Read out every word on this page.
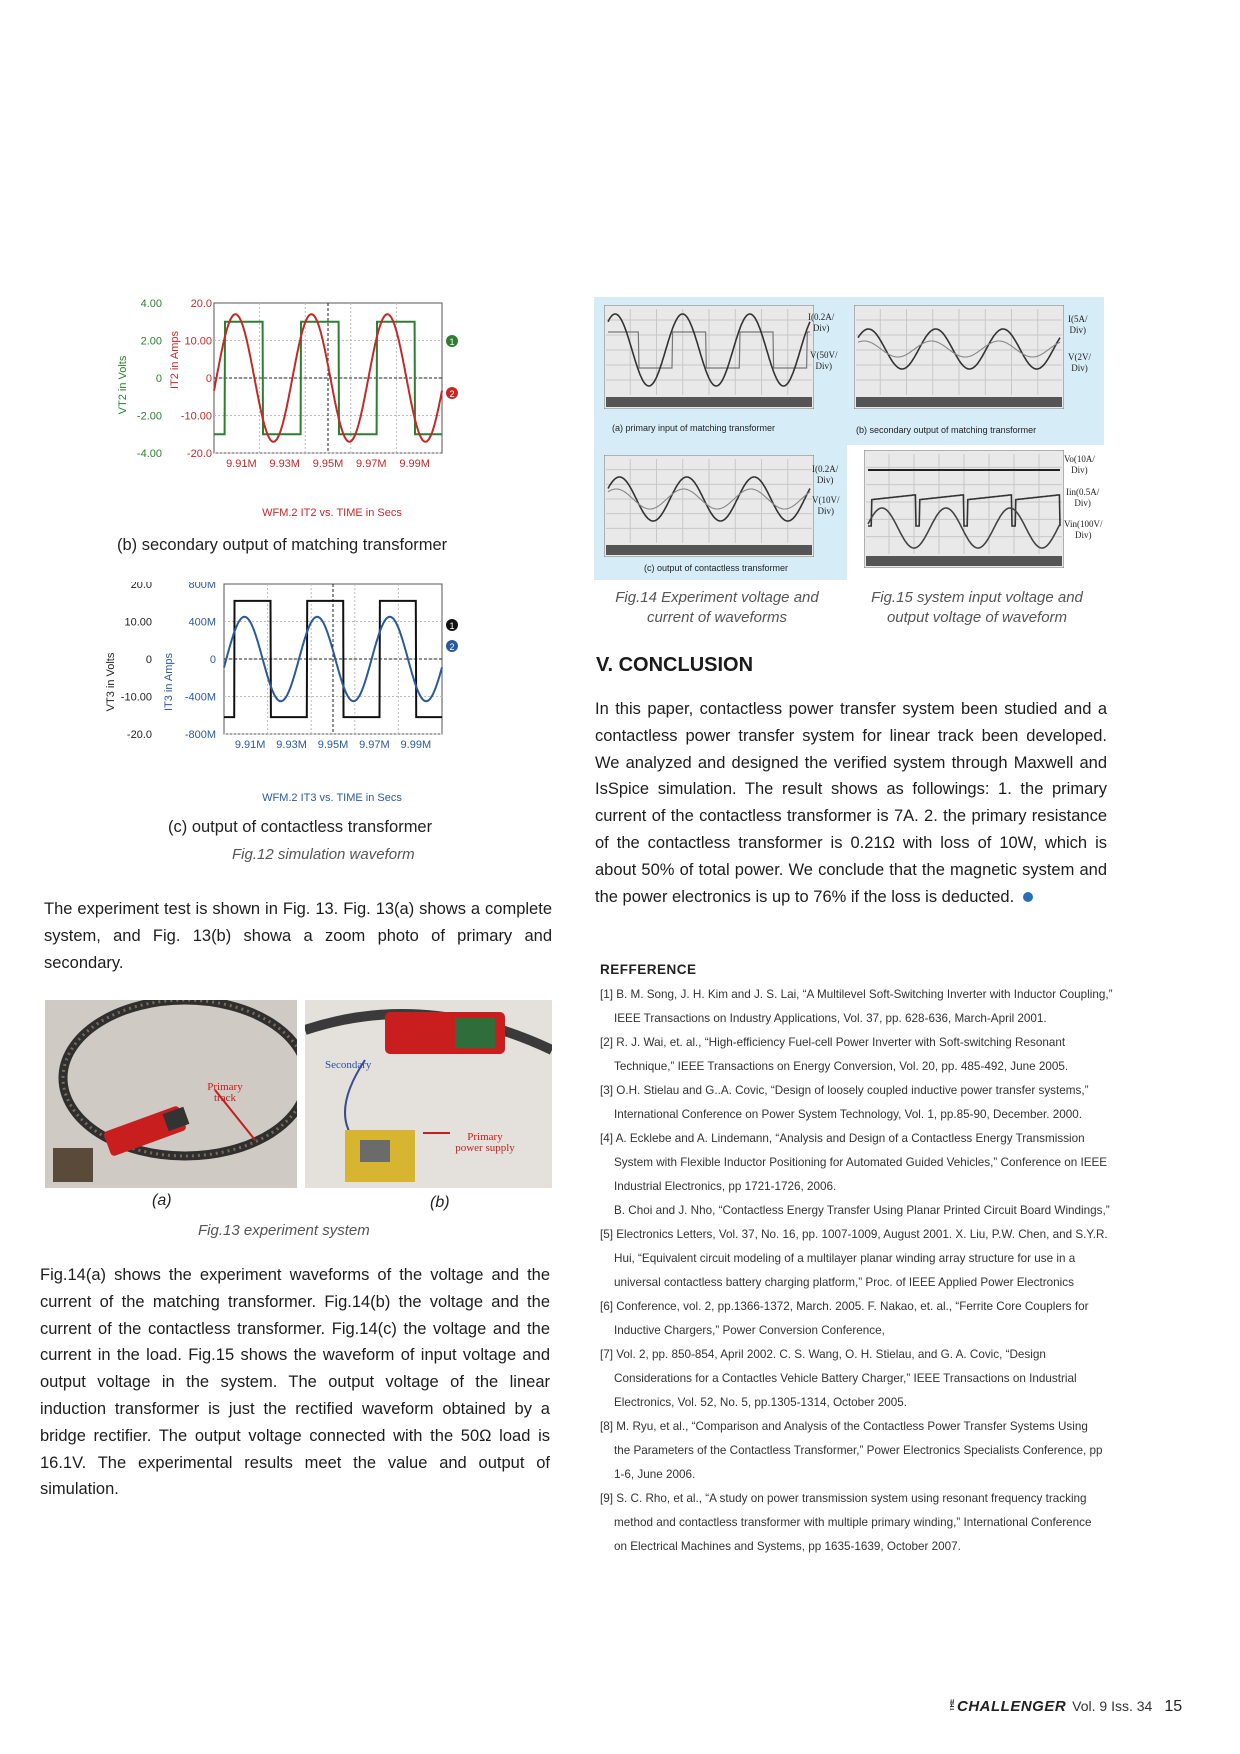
4.00
2.00
0
-2.00
-4.00
20.0
10.00
0
-10.00
-20.0
VT2 in Volts	IT2 in Amps	1
2
9.91M 9.93M 9.95M 9.97M 9.99M
WFM.2 IT2 vs. TIME in Secs
(b) secondary output of matching transformer
20.0
10.00
0
-10.00
-20.0
800M
400M
0
-400M
-800M
VT3 in Volts	IT3 in Amps
1
2
9.91M 9.93M 9.95M 9.97M 9.99M
WFM.2 IT3 vs. TIME in Secs
(c) output of contactless transformer
Fig.12 simulation waveform
The experiment test is shown in Fig. 13. Fig. 13(a) shows a complete system, and Fig. 13(b) showa a zoom photo of primary and secondary.
Primary
track
Secondary
Primary
power supply
(a)	(b)
Fig.13 experiment system
Fig.14(a) shows the experiment waveforms of the voltage and the current of the matching transformer. Fig.14(b) the voltage and the current of the contactless transformer. Fig.14(c) the voltage and the current in the load. Fig.15 shows the waveform of input voltage and output voltage in the system. The output voltage of the linear induction transformer is just the rectified waveform obtained by a bridge rectifier. The output voltage connected with the 50Ω load is 16.1V. The experimental results meet the value and output of simulation.
I(0.2A/
Div)
V(50V/
Div)
(a) primary input of matching transformer
I(5A/
Div)
V(2V/
Div)
(b) secondary output of matching transformer
I(0.2A/
Div)
V(10V/
Div)
(c) output of contactless transformer
Vo(10A/
Div)
Iin(0.5A/
Div)
Vin(100V/
Div)
Fig.14 Experiment voltage and
current of waveforms
Fig.15 system input voltage and
output voltage of waveform
V. CONCLUSION
In this paper, contactless power transfer system been studied and a contactless power transfer system for linear track been developed. We analyzed and designed the verified system through Maxwell and IsSpice simulation. The result shows as followings: 1. the primary current of the contactless transformer is 7A. 2. the primary resistance of the contactless transformer is 0.21Ω with loss of 10W, which is about 50% of total power. We conclude that the magnetic system and the power electronics is up to 76% if the loss is deducted.
REFFERENCE
[1] B. M. Song, J. H. Kim and J. S. Lai, “A Multilevel Soft-Switching Inverter with Inductor Coupling,”
IEEE Transactions on Industry Applications, Vol. 37, pp. 628-636, March-April 2001.
[2] R. J. Wai, et. al., “High-efficiency Fuel-cell Power Inverter with Soft-switching Resonant
Technique,” IEEE Transactions on Energy Conversion, Vol. 20, pp. 485-492, June 2005.
[3] O.H. Stielau and G..A. Covic, “Design of loosely coupled inductive power transfer systems,”
International Conference on Power System Technology, Vol. 1, pp.85-90, December. 2000.
[4] A. Ecklebe and A. Lindemann, “Analysis and Design of a Contactless Energy Transmission
System with Flexible Inductor Positioning for Automated Guided Vehicles,” Conference on IEEE
Industrial Electronics, pp 1721-1726, 2006.
B. Choi and J. Nho, “Contactless Energy Transfer Using Planar Printed Circuit Board Windings,”
[5] Electronics Letters, Vol. 37, No. 16, pp. 1007-1009, August 2001. X. Liu, P.W. Chen, and S.Y.R.
Hui, “Equivalent circuit modeling of a multilayer planar winding array structure for use in a
universal contactless battery charging platform,” Proc. of IEEE Applied Power Electronics
[6] Conference, vol. 2, pp.1366-1372, March. 2005. F. Nakao, et. al., “Ferrite Core Couplers for
Inductive Chargers,” Power Conversion Conference,
[7] Vol. 2, pp. 850-854, April 2002. C. S. Wang, O. H. Stielau, and G. A. Covic, “Design
Considerations for a Contactles Vehicle Battery Charger,” IEEE Transactions on Industrial
Electronics, Vol. 52, No. 5, pp.1305-1314, October 2005.
[8] M. Ryu, et al., “Comparison and Analysis of the Contactless Power Transfer Systems Using
the Parameters of the Contactless Transformer,” Power Electronics Specialists Conference, pp
1-6, June 2006.
[9] S. C. Rho, et al., “A study on power transmission system using resonant frequency tracking
method and contactless transformer with multiple primary winding,” International Conference
on Electrical Machines and Systems, pp 1635-1639, October 2007.
THE CHALLENGER Vol. 9 Iss. 34 15
